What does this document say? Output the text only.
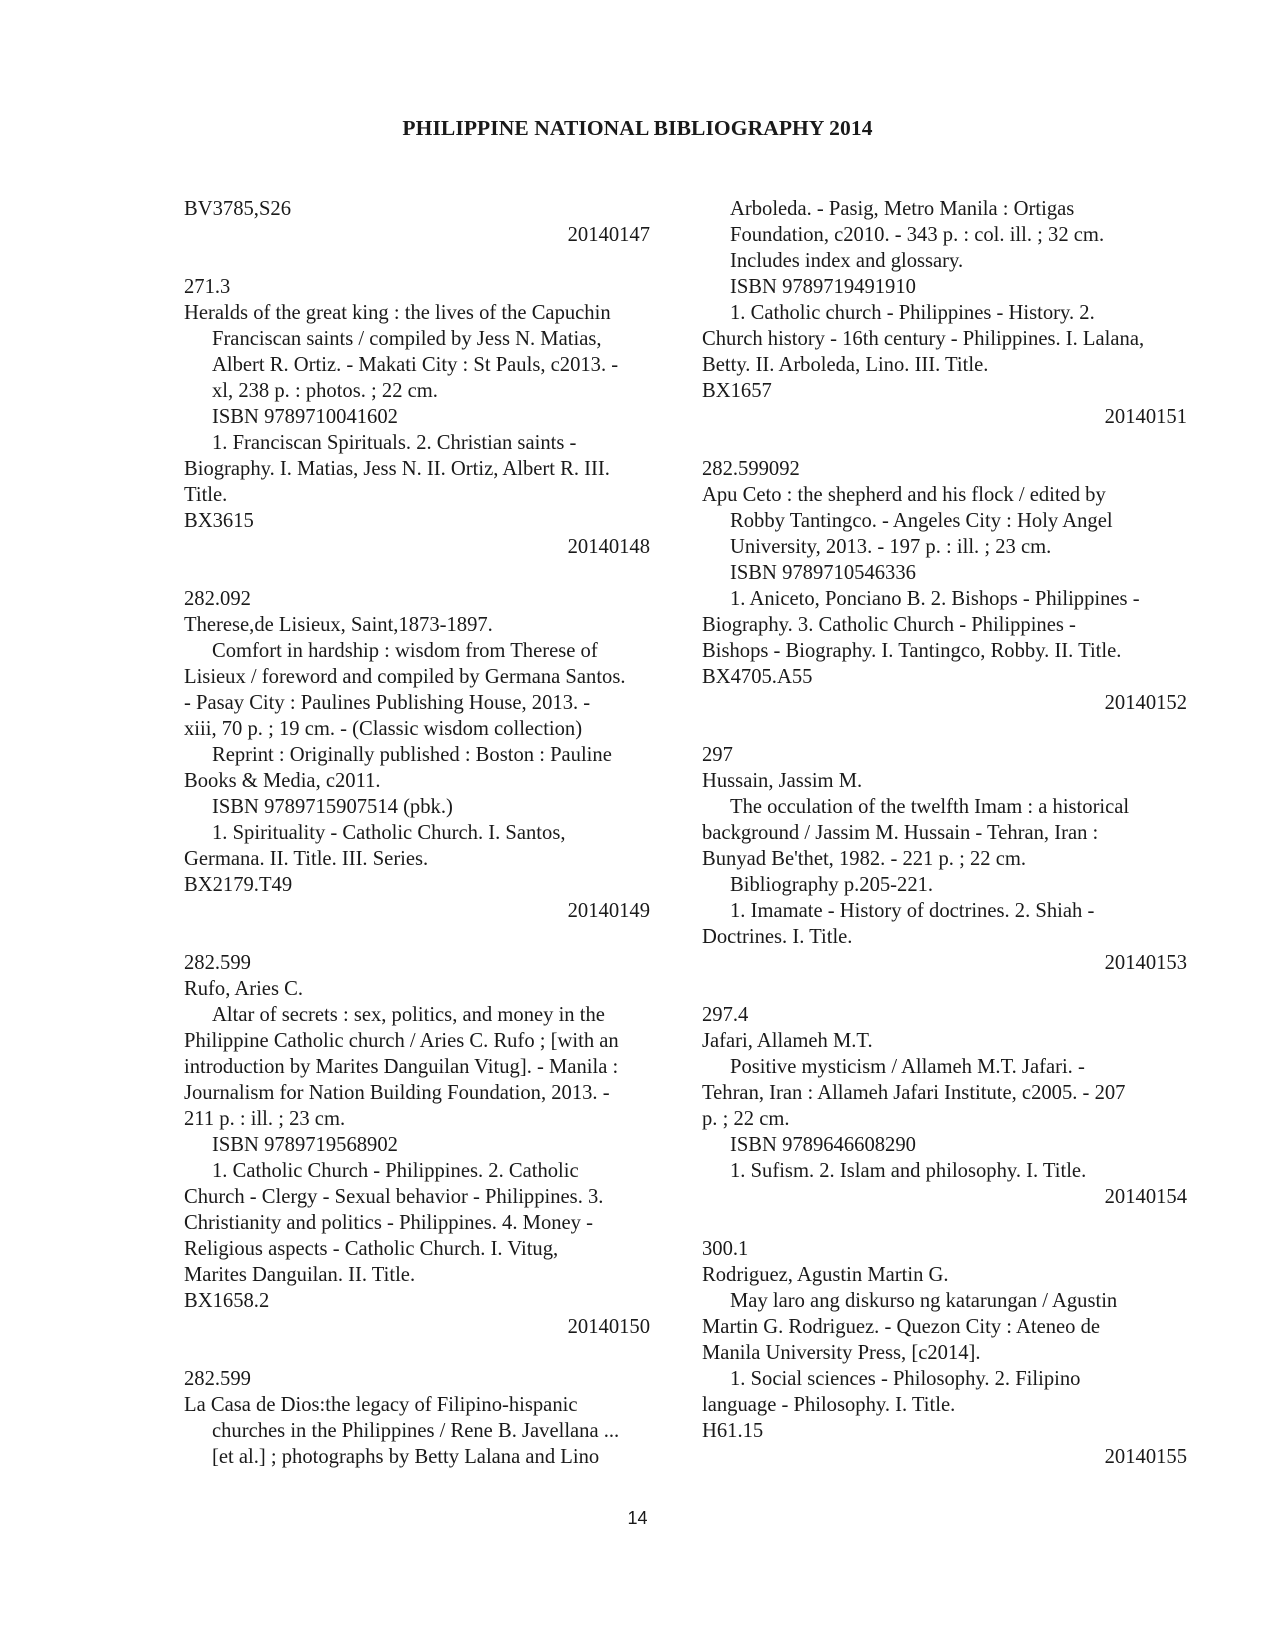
PHILIPPINE NATIONAL BIBLIOGRAPHY 2014
BV3785,S26
20140147
271.3
Heralds of the great king : the lives of the Capuchin
Franciscan saints / compiled by Jess N. Matias,
Albert R. Ortiz. - Makati City : St Pauls, c2013. -
xl, 238 p. : photos. ; 22 cm.
ISBN 9789710041602
1. Franciscan Spirituals. 2. Christian saints -
Biography. I. Matias, Jess N. II. Ortiz, Albert R. III.
Title.
BX3615
20140148
282.092
Therese,de Lisieux, Saint,1873-1897.
Comfort in hardship : wisdom from Therese of
Lisieux / foreword and compiled by Germana Santos.
- Pasay City : Paulines Publishing House, 2013. -
xiii, 70 p. ; 19 cm. - (Classic wisdom collection)
Reprint : Originally published : Boston : Pauline
Books & Media, c2011.
ISBN 9789715907514 (pbk.)
1. Spirituality - Catholic Church. I. Santos,
Germana. II. Title. III. Series.
BX2179.T49
20140149
282.599
Rufo, Aries C.
Altar of secrets : sex, politics, and money in the
Philippine Catholic church / Aries C. Rufo ; [with an
introduction by Marites Danguilan Vitug]. - Manila :
Journalism for Nation Building Foundation, 2013. -
211 p. : ill. ; 23 cm.
ISBN 9789719568902
1. Catholic Church - Philippines. 2. Catholic
Church - Clergy - Sexual behavior - Philippines. 3.
Christianity and politics - Philippines. 4. Money -
Religious aspects - Catholic Church. I. Vitug,
Marites Danguilan. II. Title.
BX1658.2
20140150
282.599
La Casa de Dios:the legacy of Filipino-hispanic
churches in the Philippines / Rene B. Javellana ...
[et al.] ; photographs by Betty Lalana and Lino
Arboleda. - Pasig, Metro Manila : Ortigas
Foundation, c2010. - 343 p. : col. ill. ; 32 cm.
Includes index and glossary.
ISBN 9789719491910
1. Catholic church - Philippines - History. 2.
Church history - 16th century - Philippines. I. Lalana,
Betty. II. Arboleda, Lino. III. Title.
BX1657
20140151
282.599092
Apu Ceto : the shepherd and his flock / edited by
Robby Tantingco. - Angeles City : Holy Angel
University, 2013. - 197 p. : ill. ; 23 cm.
ISBN 9789710546336
1. Aniceto, Ponciano B. 2. Bishops - Philippines -
Biography. 3. Catholic Church - Philippines -
Bishops - Biography. I. Tantingco, Robby. II. Title.
BX4705.A55
20140152
297
Hussain, Jassim M.
The occulation of the twelfth Imam : a historical
background / Jassim M. Hussain - Tehran, Iran :
Bunyad Be'thet, 1982. - 221 p. ; 22 cm.
Bibliography p.205-221.
1. Imamate - History of doctrines. 2. Shiah -
Doctrines. I. Title.
20140153
297.4
Jafari, Allameh M.T.
Positive mysticism / Allameh M.T. Jafari. -
Tehran, Iran : Allameh Jafari Institute, c2005. - 207
p. ; 22 cm.
ISBN 9789646608290
1. Sufism. 2. Islam and philosophy. I. Title.
20140154
300.1
Rodriguez, Agustin Martin G.
May laro ang diskurso ng katarungan / Agustin
Martin G. Rodriguez. - Quezon City : Ateneo de
Manila University Press, [c2014].
1. Social sciences - Philosophy. 2. Filipino
language - Philosophy. I. Title.
H61.15
20140155
14
